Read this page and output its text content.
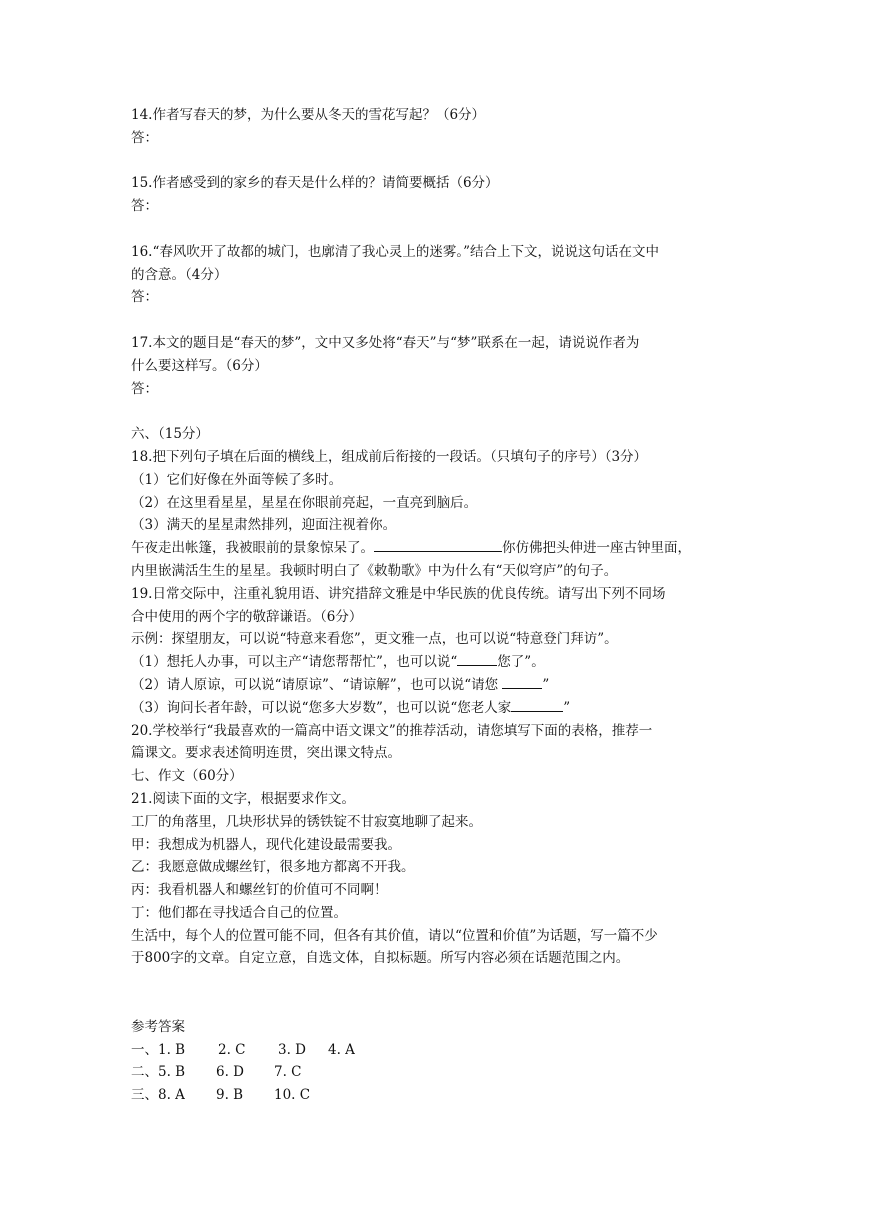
14.作者写春天的梦，为什么要从冬天的雪花写起？（6分）
答：
15.作者感受到的家乡的春天是什么样的？请简要概括（6分）
答：
16.“春风吹开了故都的城门，也廓清了我心灵上的迷雾。”结合上下文，说说这句话在文中
的含意。（4分）
答：
17.本文的题目是“春天的梦”，文中又多处将“春天”与“梦”联系在一起，请说说作者为
什么要这样写。（6分）
答：
六、（15分）
18.把下列句子填在后面的横线上，组成前后衔接的一段话。（只填句子的序号）（3分）
（1）它们好像在外面等候了多时。
（2）在这里看星星，星星在你眼前亮起，一直亮到脑后。
（3）满天的星星肃然排列，迎面注视着你。
午夜走出帐篷，我被眼前的景象惊呆了。	你仿佛把头伸进一座古钟里面，
内里嵌满活生生的星星。我顿时明白了《敕勒歌》中为什么有“天似穹庐”的句子。
19.日常交际中，注重礼貌用语、讲究措辞文雅是中华民族的优良传统。请写出下列不同场
合中使用的两个字的敬辞谦语。（6分）
示例：探望朋友，可以说“特意来看您”，更文雅一点，也可以说“特意登门拜访”。
（1）想托人办事，可以主产“请您帮帮忙”，也可以说“	您了”。
（2）请人原谅，可以说“请原谅”、“请谅解”，也可以说“请您	”
（3）询问长者年龄，可以说“您多大岁数”，也可以说“您老人家	”
20.学校举行“我最喜欢的一篇高中语文课文”的推荐活动，请您填写下面的表格，推荐一
篇课文。要求表述简明连贯，突出课文特点。
七、作文（60分）
21.阅读下面的文字，根据要求作文。
工厂的角落里，几块形状异的锈铁锭不甘寂寞地聊了起来。
甲：我想成为机器人，现代化建设最需要我。
乙：我愿意做成螺丝钉，很多地方都离不开我。
丙：我看机器人和螺丝钉的价值可不同啊！
丁：他们都在寻找适合自己的位置。
生活中，每个人的位置可能不同，但各有其价值，请以“位置和价值”为话题，写一篇不少
于800字的文章。自定立意，自选文体，自拟标题。所写内容必须在话题范围之内。
参考答案
一、1. B 2. C 3. D 4. A
二、5. B 6. D 7. C
三、8. A 9. B 10. C
